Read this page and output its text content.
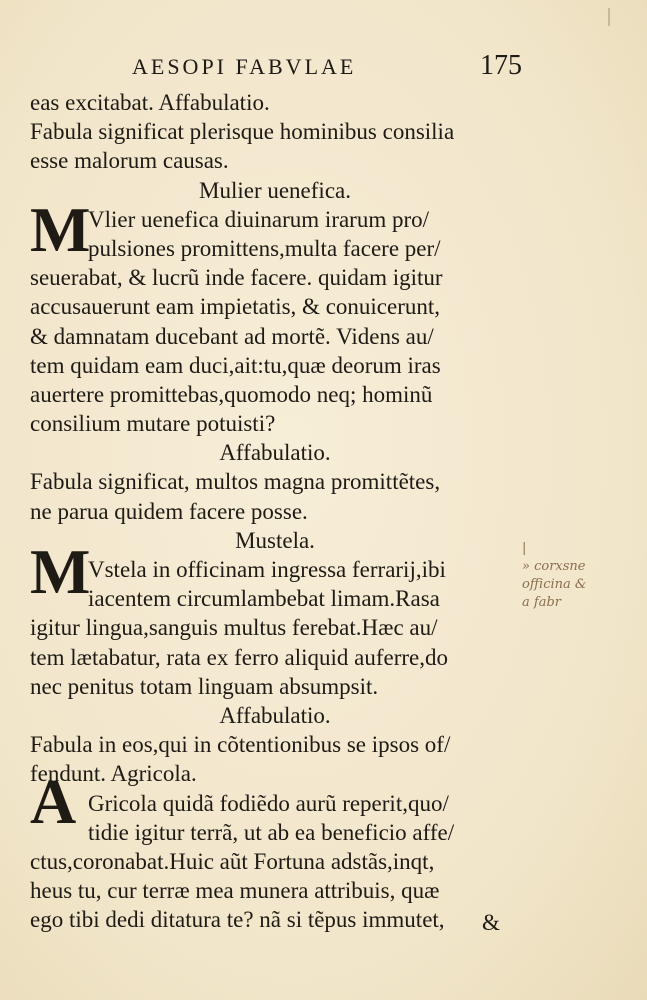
AESOPI FABVLAE	175
M
M
A
eas excitabat. Affabulatio.
Fabula significat plerisque hominibus consilia
esse malorum causas.
Mulier uenefica.
Vlier uenefica diuinarum irarum pro/
pulsiones promittens,multa facere per/
seuerabat, & lucrũ inde facere. quidam igitur
accusauerunt eam impietatis, & conuicerunt,
& damnatam ducebant ad mortẽ. Videns au/
tem quidam eam duci,ait:tu,quæ deorum iras
auertere promittebas,quomodo neq; hominũ
consilium mutare potuisti?
Affabulatio.
Fabula significat, multos magna promittẽtes,
ne parua quidem facere posse.
Mustela.
Vstela in officinam ingressa ferrarij,ibi
iacentem circumlambebat limam.Rasa
igitur lingua,sanguis multus ferebat.Hæc au/
tem lætabatur, rata ex ferro aliquid auferre,do
nec penitus totam linguam absumpsit.
Affabulatio.
Fabula in eos,qui in cõtentionibus se ipsos of/
fendunt. Agricola.
Gricola quidã fodiẽdo aurũ reperit,quo/
tidie igitur terrã, ut ab ea beneficio affe/
ctus,coronabat.Huic aũt Fortuna adstãs,inqt,
heus tu, cur terræ mea munera attribuis, quæ
ego tibi dedi ditatura te? nã si tẽpus immutet,	&
|
» corxsne
officina &
a fabr
